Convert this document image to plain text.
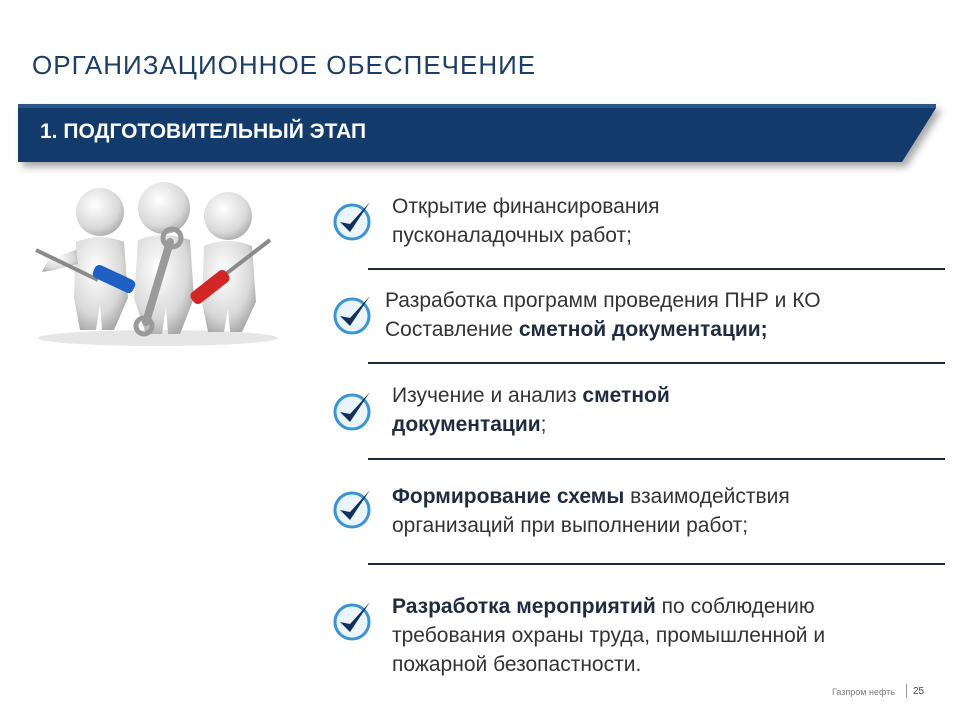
ОРГАНИЗАЦИОННОЕ ОБЕСПЕЧЕНИЕ
1. ПОДГОТОВИТЕЛЬНЫЙ ЭТАП
Открытие финансирования
пусконаладочных работ;
Разработка программ проведения ПНР и КО
Составление сметной документации;
Изучение и анализ сметной
документации;
Формирование схемы взаимодействия
организаций при выполнении работ;
Разработка мероприятий по соблюдению
требования охраны труда, промышленной и
пожарной безопастности.
Газпром нефть 25
